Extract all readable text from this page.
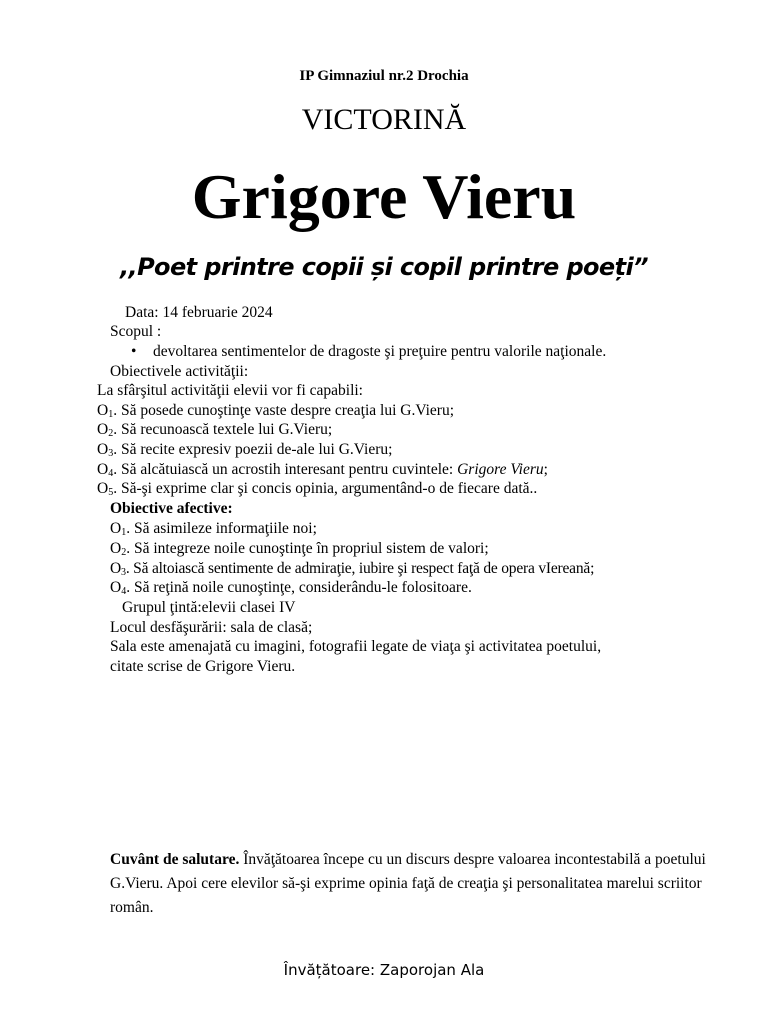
IP Gimnaziul nr.2 Drochia
VICTORINĂ
Grigore Vieru
,,Poet printre copii și copil printre poeți”
Data: 14 februarie 2024
Scopul :
• devoltarea sentimentelor de dragoste şi preţuire pentru valorile naţionale.
Obiectivele activităţii:
La sfârşitul activităţii elevii vor fi capabili:
$O_1$. Să posede cunoştinţe vaste despre creaţia lui G.Vieru;
$O_2$. Să recunoască textele lui G.Vieru;
$O_3$. Să recite expresiv poezii de-ale lui G.Vieru;
$O_4$. Să alcătuiască un acrostih interesant pentru cuvintele: Grigore Vieru;
$O_5$. Să-şi exprime clar şi concis opinia, argumentând-o de fiecare dată..
Obiective afective:
$O_1$. Să asimileze informaţiile noi;
$O_2$. Să integreze noile cunoştinţe în propriul sistem de valori;
$O_3$. Să altoiască sentimente de admiraţie, iubire şi respect faţă de opera vIereană;
$O_4$. Să reţină noile cunoştinţe, considerându-le folositoare.
Grupul ţintă:elevii clasei IV
Locul desfăşurării: sala de clasă;
Sala este amenajată cu imagini, fotografii legate de viaţa şi activitatea poetului,
citate scrise de Grigore Vieru.
Cuvânt de salutare. Învăţătoarea începe cu un discurs despre valoarea incontestabilă a poetului G.Vieru. Apoi cere elevilor să-şi exprime opinia faţă de creaţia şi personalitatea marelui scriitor român.
Învățătoare: Zaporojan Ala
